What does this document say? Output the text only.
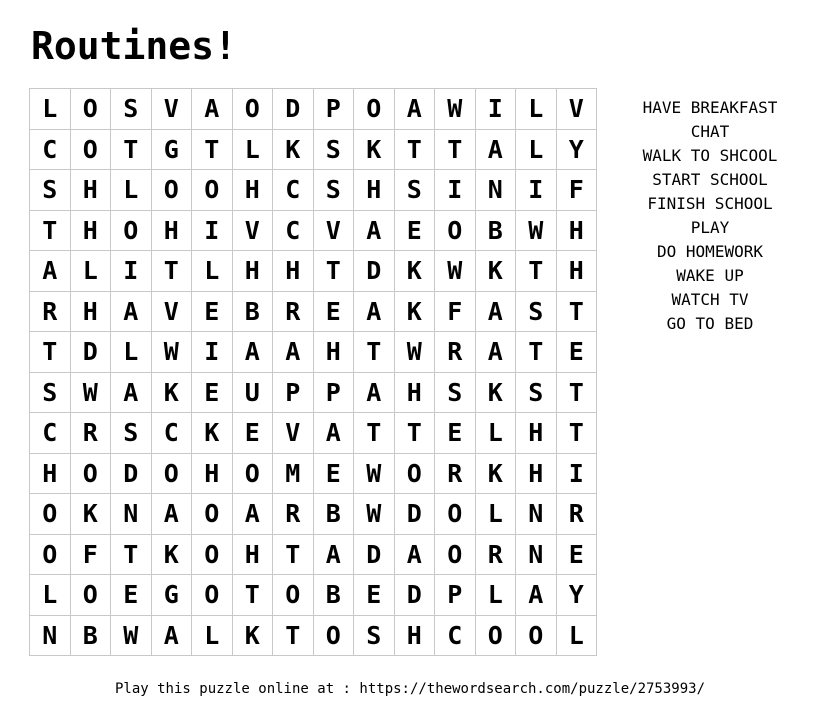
Routines!
L	O	S	V	A	O	D	P	O	A	W	I	L	V
C	O	T	G	T	L	K	S	K	T	T	A	L	Y
S	H	L	O	O	H	C	S	H	S	I	N	I	F
T	H	O	H	I	V	C	V	A	E	O	B	W	H
A	L	I	T	L	H	H	T	D	K	W	K	T	H
R	H	A	V	E	B	R	E	A	K	F	A	S	T
T	D	L	W	I	A	A	H	T	W	R	A	T	E
S	W	A	K	E	U	P	P	A	H	S	K	S	T
C	R	S	C	K	E	V	A	T	T	E	L	H	T
H	O	D	O	H	O	M	E	W	O	R	K	H	I
O	K	N	A	O	A	R	B	W	D	O	L	N	R
O	F	T	K	O	H	T	A	D	A	O	R	N	E
L	O	E	G	O	T	O	B	E	D	P	L	A	Y
N	B	W	A	L	K	T	O	S	H	C	O	O	L
HAVE BREAKFAST
CHAT
WALK TO SHCOOL
START SCHOOL
FINISH SCHOOL
PLAY
DO HOMEWORK
WAKE UP
WATCH TV
GO TO BED
Play this puzzle online at : https://thewordsearch.com/puzzle/2753993/
